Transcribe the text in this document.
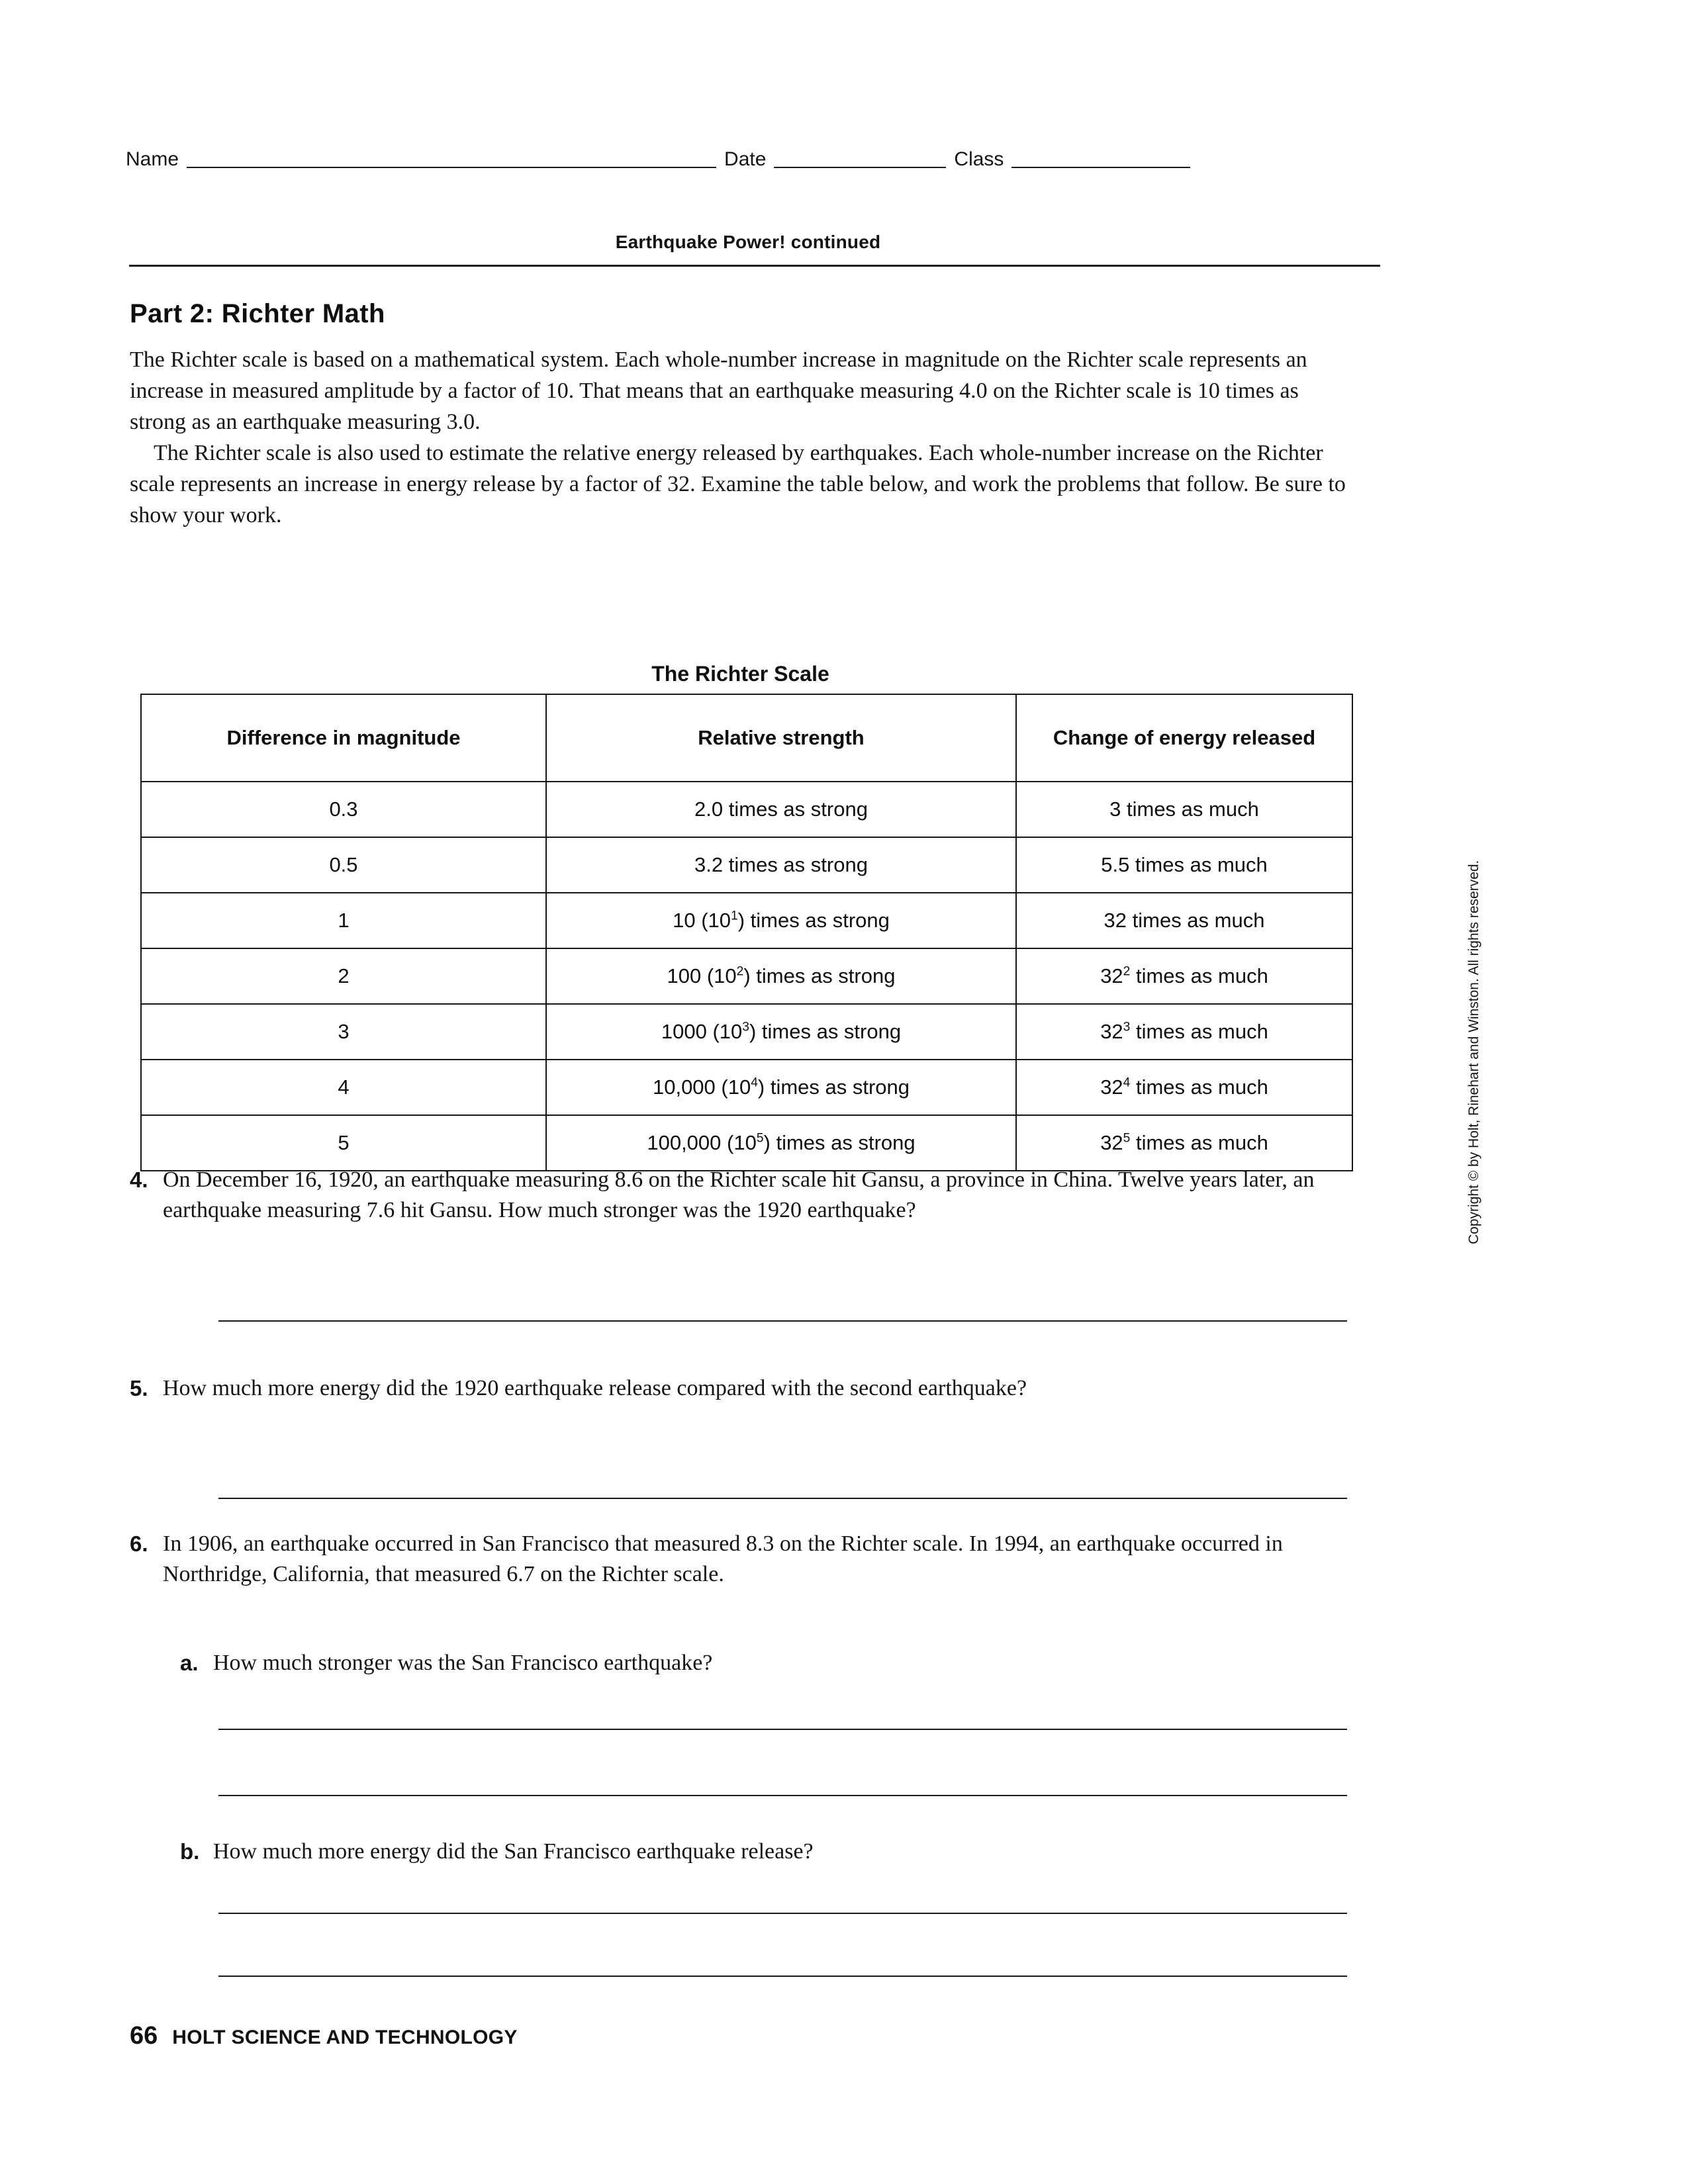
Name	Date	Class
Earthquake Power! continued
Part 2: Richter Math

The Richter scale is based on a mathematical system. Each whole-number increase in magnitude on the Richter scale represents an increase in measured amplitude by a factor of 10. That means that an earthquake measuring 4.0 on the Richter scale is 10 times as strong as an earthquake measuring 3.0.

The Richter scale is also used to estimate the relative energy released by earthquakes. Each whole-number increase on the Richter scale represents an increase in energy release by a factor of 32. Examine the table below, and work the problems that follow. Be sure to show your work.

The Richter Scale
Difference in magnitude	Relative strength	Change of energy released
0.3	2.0 times as strong	3 times as much
0.5	3.2 times as strong	5.5 times as much
1	10 $(10^1)$ times as strong	32 times as much
2	100 $(10^2)$ times as strong	$32^2$ times as much
3	1000 $(10^3)$ times as strong	$32^3$ times as much
4	10,000 $(10^4)$ times as strong	$32^4$ times as much
5	100,000 $(10^5)$ times as strong	$32^5$ times as much
4. On December 16, 1920, an earthquake measuring 8.6 on the Richter scale hit Gansu, a province in China. Twelve years later, an earthquake measuring 7.6 hit Gansu. How much stronger was the 1920 earthquake?
5. How much more energy did the 1920 earthquake release compared with the second earthquake?
6. In 1906, an earthquake occurred in San Francisco that measured 8.3 on the Richter scale. In 1994, an earthquake occurred in Northridge, California, that measured 6.7 on the Richter scale.
a. How much stronger was the San Francisco earthquake?
b. How much more energy did the San Francisco earthquake release?
Copyright © by Holt, Rinehart and Winston. All rights reserved.
66 HOLT SCIENCE AND TECHNOLOGY
